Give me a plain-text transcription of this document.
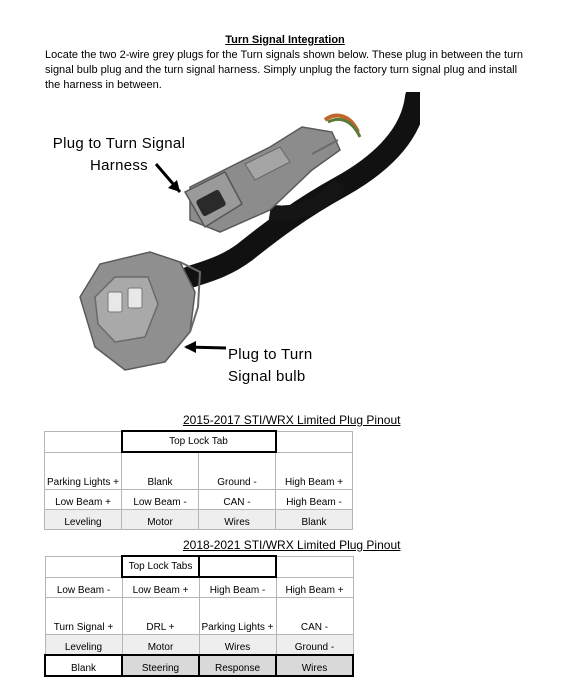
Turn Signal Integration
Locate the two 2-wire grey plugs for the Turn signals shown below. These plug in between the turn signal bulb plug and the turn signal harness. Simply unplug the factory turn signal plug and install the harness in between.
Plug to Turn Signal Harness
Plug to Turn Signal bulb
2015-2017 STI/WRX Limited Plug Pinout
	Top Lock Tab		
Parking Lights +	Blank	Ground -	High Beam +
Low Beam +	Low Beam -	CAN -	High Beam -
Leveling	Motor	Wires	Blank
2018-2021 STI/WRX Limited Plug Pinout
	Top Lock Tabs		
Low Beam -	Low Beam +	High Beam -	High Beam +
Turn Signal +	DRL +	Parking Lights +	CAN -
Leveling	Motor	Wires	Ground -
Blank	Steering	Response	Wires
